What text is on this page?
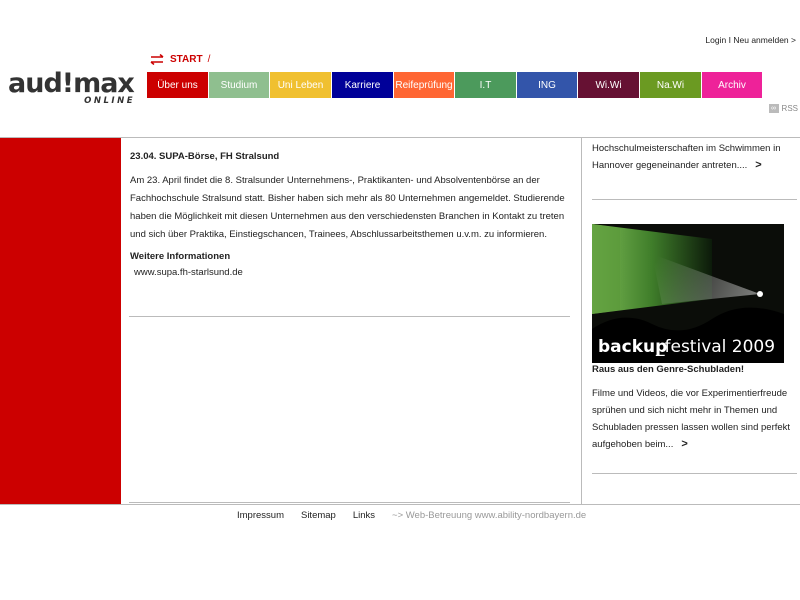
aud!max
ONLINE
START /
Login I Neu anmelden >
Über uns Studium Uni Leben Karriere Reifeprüfung	I.T	ING	Wi.Wi	Na.Wi	Archiv
∞ RSS
23.04. SUPA-Börse, FH Stralsund
Am 23. April findet die 8. Stralsunder Unternehmens-, Praktikanten- und Absolventenbörse an der Fachhochschule Stralsund statt. Bisher haben sich mehr als 80 Unternehmen angemeldet. Studierende haben die Möglichkeit mit diesen Unternehmen aus den verschiedensten Branchen in Kontakt zu treten und sich über Praktika, Einstiegschancen, Trainees, Abschlussarbeitsthemen u.v.m. zu informieren.
Weitere Informationen
www.supa.fh-starlsund.de
Hochschulmeisterschaften im Schwimmen in Hannover gegeneinander antreten.... >
Raus aus den Genre-Schubladen!
Filme und Videos, die vor Experimentierfreude sprühen und sich nicht mehr in Themen und Schubladen pressen lassen wollen sind perfekt aufgehoben beim... >
backup
_festival 2009
Impressum Sitemap Links ~> Web-Betreuung www.ability-nordbayern.de
